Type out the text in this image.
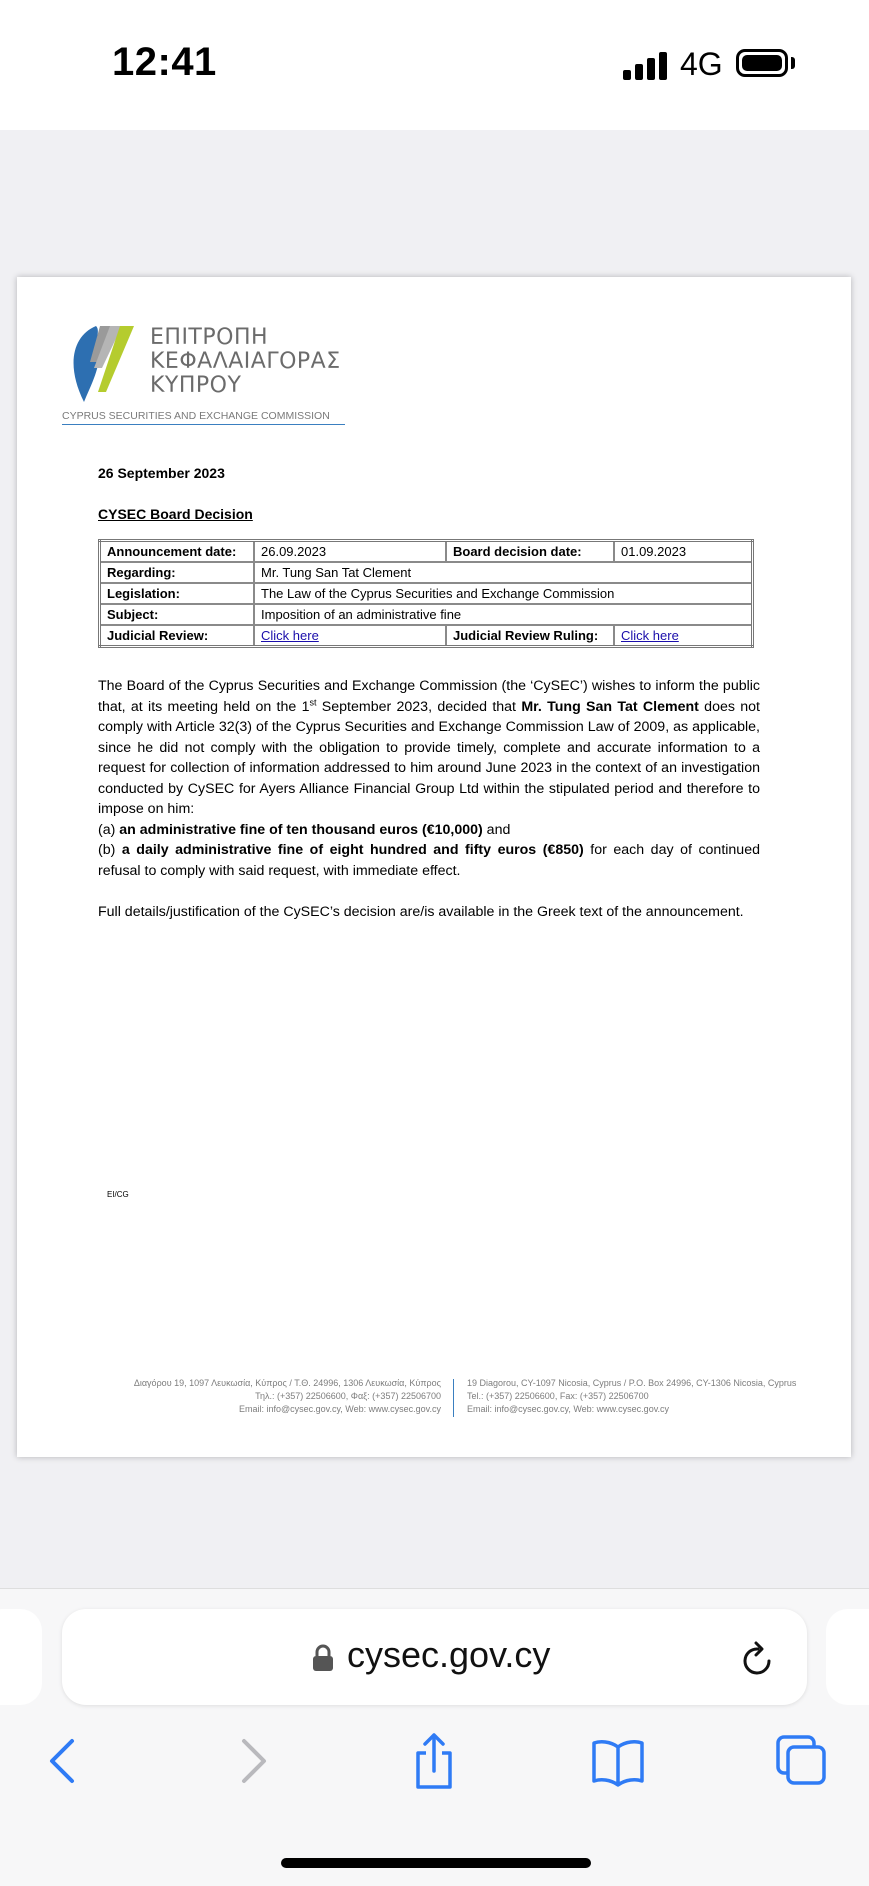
12:41	4G
ΕΠΙΤΡΟΠΗ
ΚΕΦΑΛΑΙΑΓΟΡΑΣ
ΚΥΠΡΟΥ
CYPRUS SECURITIES AND EXCHANGE COMMISSION
26 September 2023
CYSEC Board Decision
Announcement date:	26.09.2023	Board decision date:	01.09.2023
Regarding:	Mr. Tung San Tat Clement		
Legislation:	The Law of the Cyprus Securities and Exchange Commission		
Subject:	Imposition of an administrative fine		
Judicial Review:	Click here	Judicial Review Ruling:	Click here

The Board of the Cyprus Securities and Exchange Commission (the ‘CySEC’) wishes to inform the public that, at its meeting held on the 1st September 2023, decided that Mr. Tung San Tat Clement does not comply with Article 32(3) of the Cyprus Securities and Exchange Commission Law of 2009, as applicable, since he did not comply with the obligation to provide timely, complete and accurate information to a request for collection of information addressed to him around June 2023 in the context of an investigation conducted by CySEC for Ayers Alliance Financial Group Ltd within the stipulated period and therefore to impose on him:

(a) an administrative fine of ten thousand euros (€10,000) and

(b) a daily administrative fine of eight hundred and fifty euros (€850) for each day of continued refusal to comply with said request, with immediate effect.

Full details/justification of the CySEC’s decision are/is available in the Greek text of the announcement.

EI/CG
Διαγόρου 19, 1097 Λευκωσία, Κύπρος / Τ.Θ. 24996, 1306 Λευκωσία, Κύπρος
Τηλ.: (+357) 22506600, Φαξ: (+357) 22506700
Email: info@cysec.gov.cy, Web: www.cysec.gov.cy
19 Diagorou, CY-1097 Nicosia, Cyprus / P.O. Box 24996, CY-1306 Nicosia, Cyprus
Tel.: (+357) 22506600, Fax: (+357) 22506700
Email: info@cysec.gov.cy, Web: www.cysec.gov.cy
cysec.gov.cy
